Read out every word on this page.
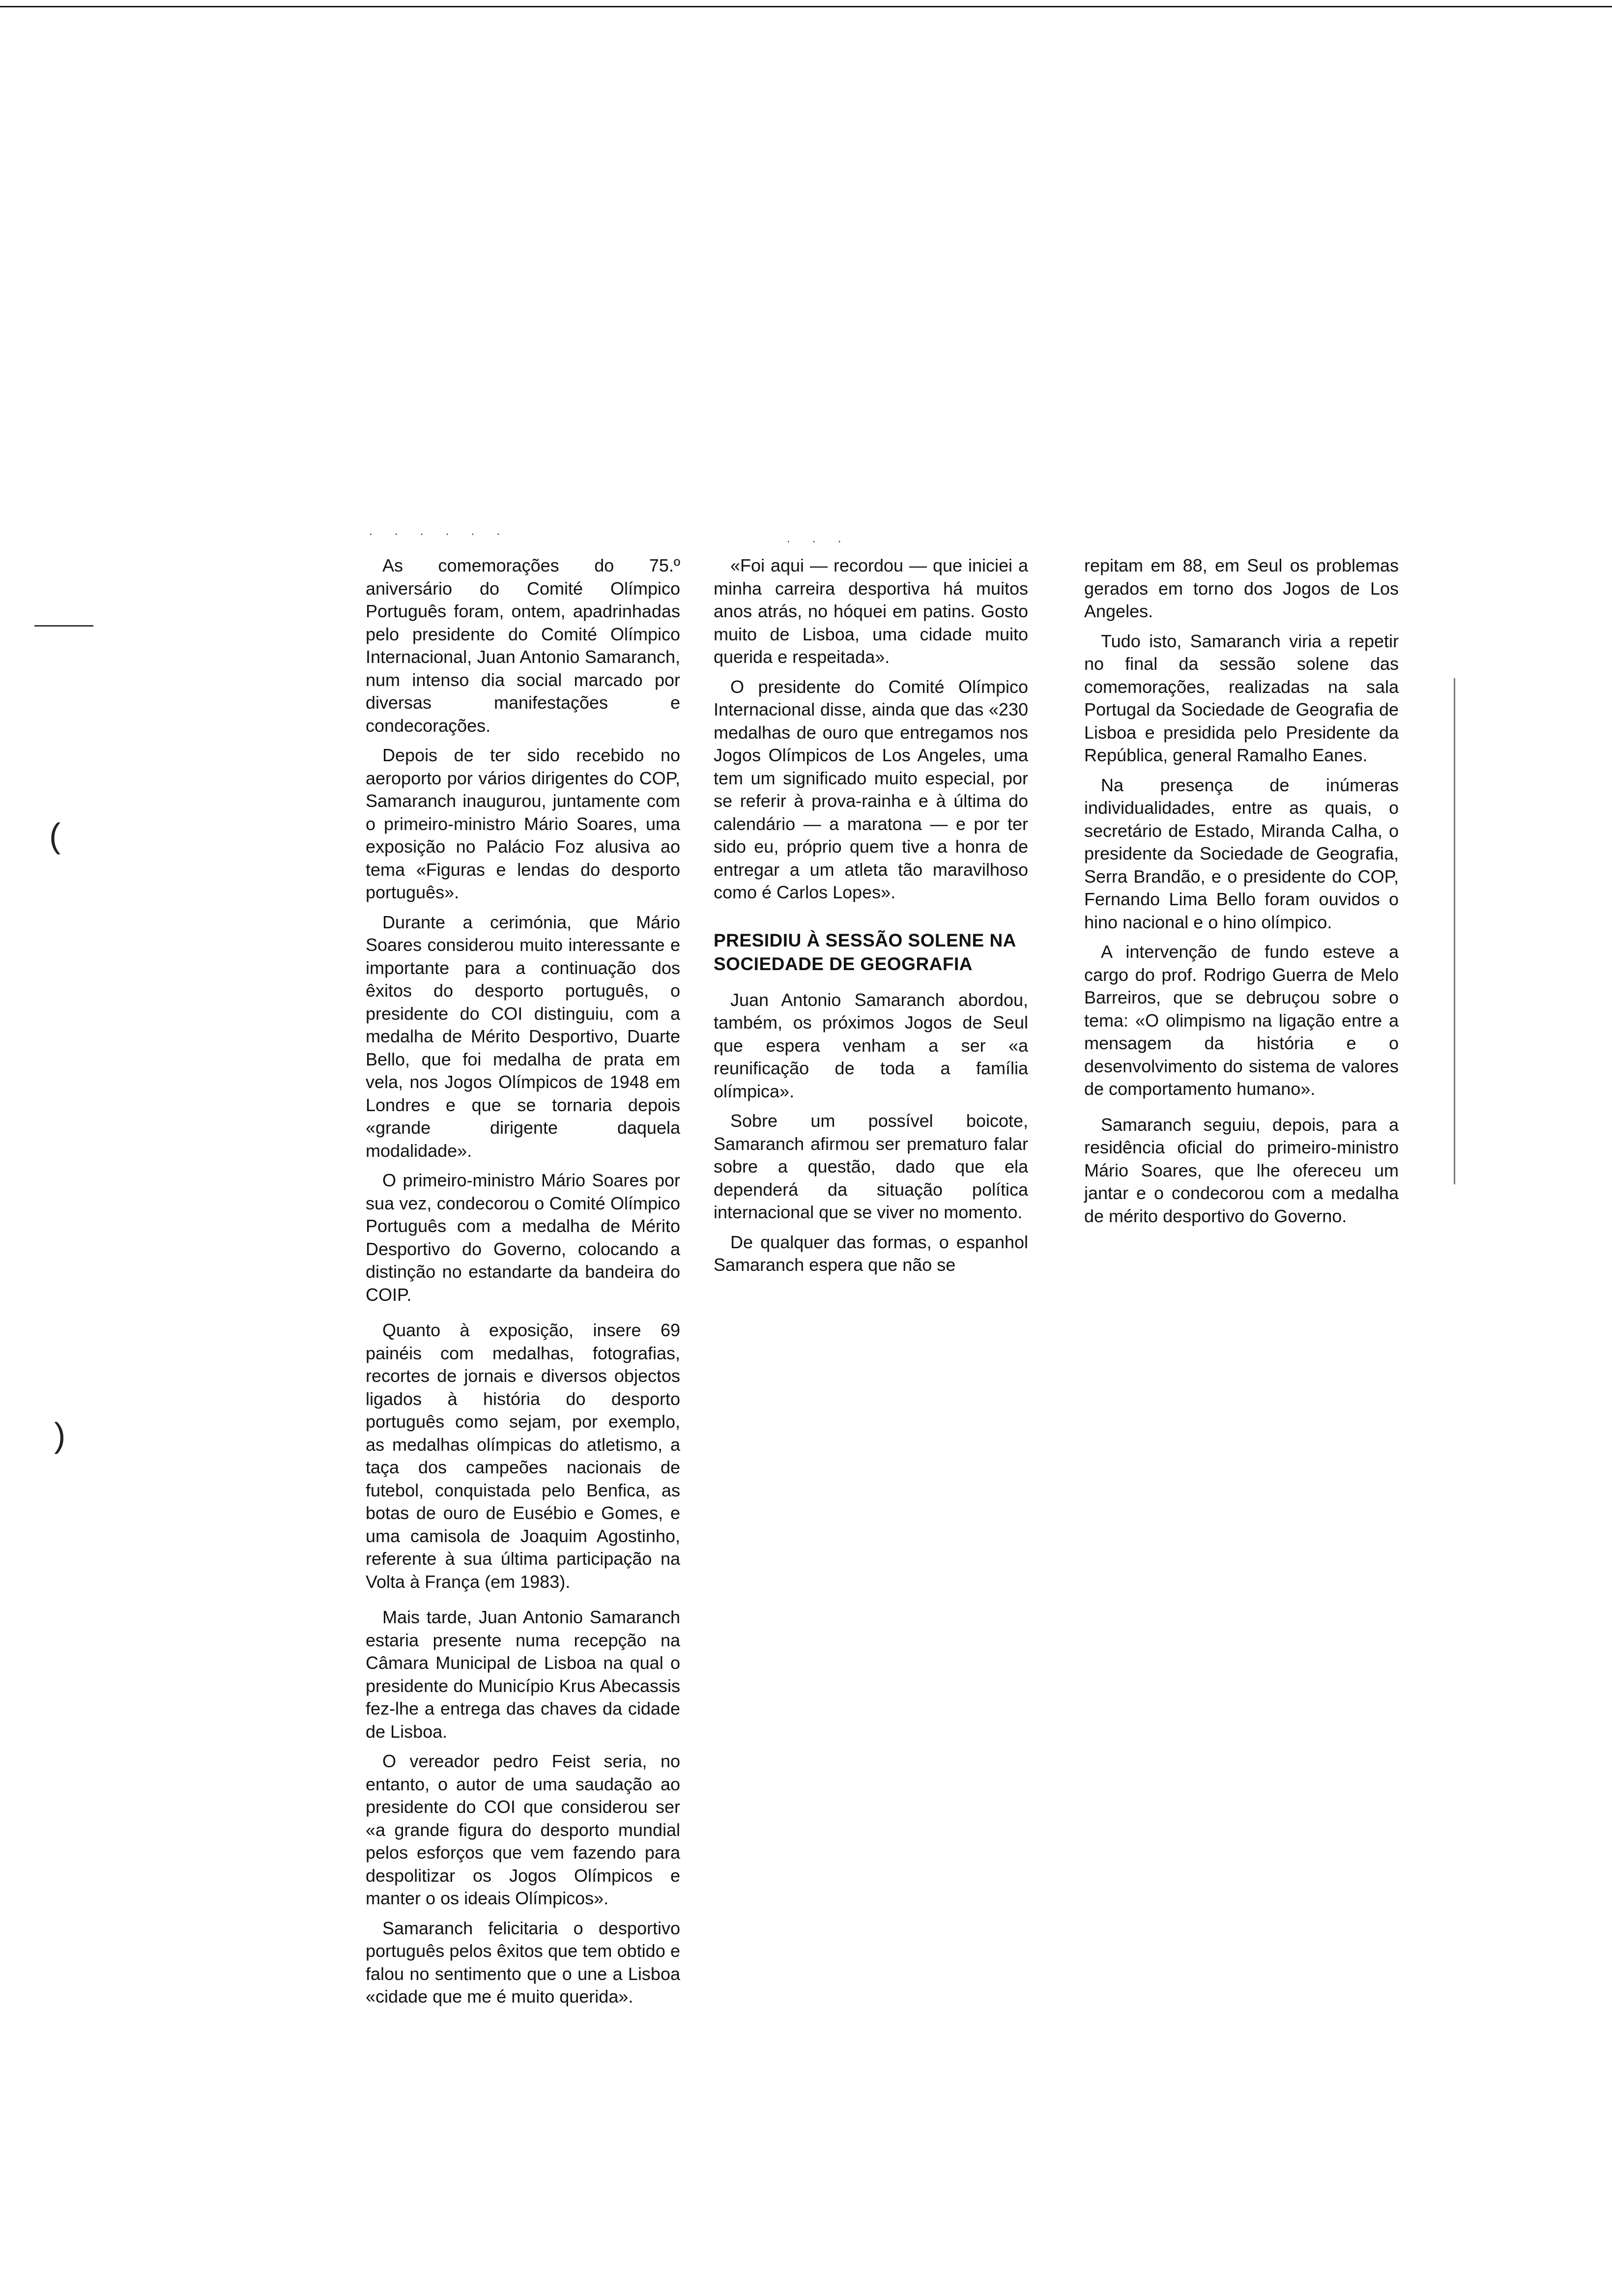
· · · · · ·	· · ·
(
)

As comemorações do 75.º aniversário do Comité Olímpico Português foram, ontem, apadrinhadas pelo presidente do Comité Olímpico Internacional, Juan Antonio Samaranch, num intenso dia social marcado por diversas manifestações e condecorações.

Depois de ter sido recebido no aeroporto por vários dirigentes do COP, Samaranch inaugurou, juntamente com o primeiro-ministro Mário Soares, uma exposição no Palácio Foz alusiva ao tema «Figuras e lendas do desporto português».

Durante a cerimónia, que Mário Soares considerou muito interessante e importante para a continuação dos êxitos do desporto português, o presidente do COI distinguiu, com a medalha de Mérito Desportivo, Duarte Bello, que foi medalha de prata em vela, nos Jogos Olímpicos de 1948 em Londres e que se tornaria depois «grande dirigente daquela modalidade».

O primeiro-ministro Mário Soares por sua vez, condecorou o Comité Olímpico Português com a medalha de Mérito Desportivo do Governo, colocando a distinção no estandarte da bandeira do COIP.

Quanto à exposição, insere 69 painéis com medalhas, fotografias, recortes de jornais e diversos objectos ligados à história do desporto português como sejam, por exemplo, as medalhas olímpicas do atletismo, a taça dos campeões nacionais de futebol, conquistada pelo Benfica, as botas de ouro de Eusébio e Gomes, e uma camisola de Joaquim Agostinho, referente à sua última participação na Volta à França (em 1983).

Mais tarde, Juan Antonio Samaranch estaria presente numa recepção na Câmara Municipal de Lisboa na qual o presidente do Município Krus Abecassis fez-lhe a entrega das chaves da cidade de Lisboa.

O vereador pedro Feist seria, no entanto, o autor de uma saudação ao presidente do COI que considerou ser «a grande figura do desporto mundial pelos esforços que vem fazendo para despolitizar os Jogos Olímpicos e manter o os ideais Olímpicos».

Samaranch felicitaria o desportivo português pelos êxitos que tem obtido e falou no sentimento que o une a Lisboa «cidade que me é muito querida».

«Foi aqui — recordou — que iniciei a minha carreira desportiva há muitos anos atrás, no hóquei em patins. Gosto muito de Lisboa, uma cidade muito querida e respeitada».

O presidente do Comité Olímpico Internacional disse, ainda que das «230 medalhas de ouro que entregamos nos Jogos Olímpicos de Los Angeles, uma tem um significado muito especial, por se referir à prova-rainha e à última do calendário — a maratona — e por ter sido eu, próprio quem tive a honra de entregar a um atleta tão maravilhoso como é Carlos Lopes».

PRESIDIU À SESSÃO SOLENE NA SOCIEDADE DE GEOGRAFIA

Juan Antonio Samaranch abordou, também, os próximos Jogos de Seul que espera venham a ser «a reunificação de toda a família olímpica».

Sobre um possível boicote, Samaranch afirmou ser prematuro falar sobre a questão, dado que ela dependerá da situação política internacional que se viver no momento.

De qualquer das formas, o espanhol Samaranch espera que não se

repitam em 88, em Seul os problemas gerados em torno dos Jogos de Los Angeles.

Tudo isto, Samaranch viria a repetir no final da sessão solene das comemorações, realizadas na sala Portugal da Sociedade de Geografia de Lisboa e presidida pelo Presidente da República, general Ramalho Eanes.

Na presença de inúmeras individualidades, entre as quais, o secretário de Estado, Miranda Calha, o presidente da Sociedade de Geografia, Serra Brandão, e o presidente do COP, Fernando Lima Bello foram ouvidos o hino nacional e o hino olímpico.

A intervenção de fundo esteve a cargo do prof. Rodrigo Guerra de Melo Barreiros, que se debruçou sobre o tema: «O olimpismo na ligação entre a mensagem da história e o desenvolvimento do sistema de valores de comportamento humano».

Samaranch seguiu, depois, para a residência oficial do primeiro-ministro Mário Soares, que lhe ofereceu um jantar e o condecorou com a medalha de mérito desportivo do Governo.
